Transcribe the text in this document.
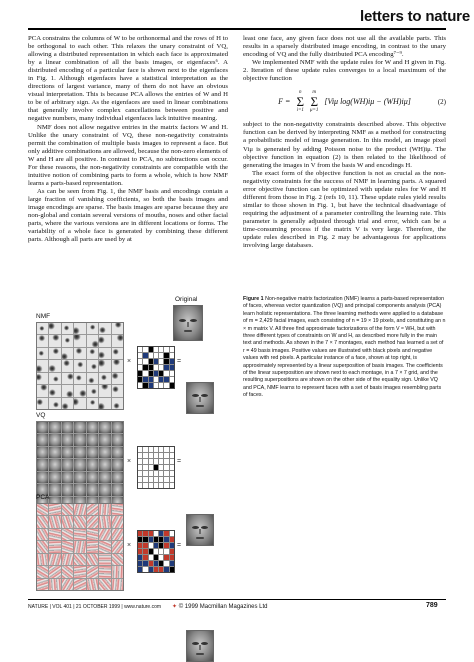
letters to nature

PCA constrains the columns of W to be orthonormal and the rows of H to be orthogonal to each other. This relaxes the unary constraint of VQ, allowing a distributed representation in which each face is approximated by a linear combination of all the basis images, or eigenfaces⁶. A distributed encoding of a particular face is shown next to the eigenfaces in Fig. 1. Although eigenfaces have a statistical interpretation as the directions of largest variance, many of them do not have an obvious visual interpretation. This is because PCA allows the entries of W and H to be of arbitrary sign. As the eigenfaces are used in linear combinations that generally involve complex cancellations between positive and negative numbers, many individual eigenfaces lack intuitive meaning.

NMF does not allow negative entries in the matrix factors W and H. Unlike the unary constraint of VQ, these non-negativity constraints permit the combination of multiple basis images to represent a face. But only additive combinations are allowed, because the non-zero elements of W and H are all positive. In contrast to PCA, no subtractions can occur. For these reasons, the non-negativity constraints are compatible with the intuitive notion of combining parts to form a whole, which is how NMF learns a parts-based representation.

As can be seen from Fig. 1, the NMF basis and encodings contain a large fraction of vanishing coefficients, so both the basis images and image encodings are sparse. The basis images are sparse because they are non-global and contain several versions of mouths, noses and other facial parts, where the various versions are in different locations or forms. The variability of a whole face is generated by combining these different parts. Although all parts are used by at

least one face, any given face does not use all the available parts. This results in a sparsely distributed image encoding, in contrast to the unary encoding of VQ and the fully distributed PCA encoding⁷⁻⁹.

We implemented NMF with the update rules for W and H given in Fig. 2. Iteration of these update rules converges to a local maximum of the objective function

F =
n
Σ
i=1
m
Σ
μ=1
[Viμ log(WH)iμ − (WH)iμ]	(2)

subject to the non-negativity constraints described above. This objective function can be derived by interpreting NMF as a method for constructing a probabilistic model of image generation. In this model, an image pixel Viμ is generated by adding Poisson noise to the product (WH)iμ. The objective function in equation (2) is then related to the likelihood of generating the images in V from the basis W and encodings H.

The exact form of the objective function is not as crucial as the non-negativity constraints for the success of NMF in learning parts. A squared error objective function can be optimized with update rules for W and H different from those in Fig. 2 (refs 10, 11). These update rules yield results similar to those shown in Fig. 1, but have the technical disadvantage of requiring the adjustment of a parameter controlling the learning rate. This parameter is generally adjusted through trial and error, which can be a time-consuming process if the matrix V is very large. Therefore, the update rules described in Fig. 2 may be advantageous for applications involving large databases.

Original
NMF
×	=
VQ
×	=
PCA
×	=
Figure 1 Non-negative matrix factorization (NMF) learns a parts-based representation of faces, whereas vector quantization (VQ) and principal components analysis (PCA) learn holistic representations. The three learning methods were applied to a database of m = 2,429 facial images, each consisting of n = 19 × 19 pixels, and constituting an n × m matrix V. All three find approximate factorizations of the form V ≈ WH, but with three different types of constraints on W and H, as described more fully in the main text and methods. As shown in the 7 × 7 montages, each method has learned a set of r = 49 basis images. Positive values are illustrated with black pixels and negative values with red pixels. A particular instance of a face, shown at top right, is approximately represented by a linear superposition of basis images. The coefficients of the linear superposition are shown next to each montage, in a 7 × 7 grid, and the resulting superpositions are shown on the other side of the equality sign. Unlike VQ and PCA, NMF learns to represent faces with a set of basis images resembling parts of faces.
NATURE | VOL 401 | 21 OCTOBER 1999 | www.nature.com ✦ © 1999 Macmillan Magazines Ltd	789
